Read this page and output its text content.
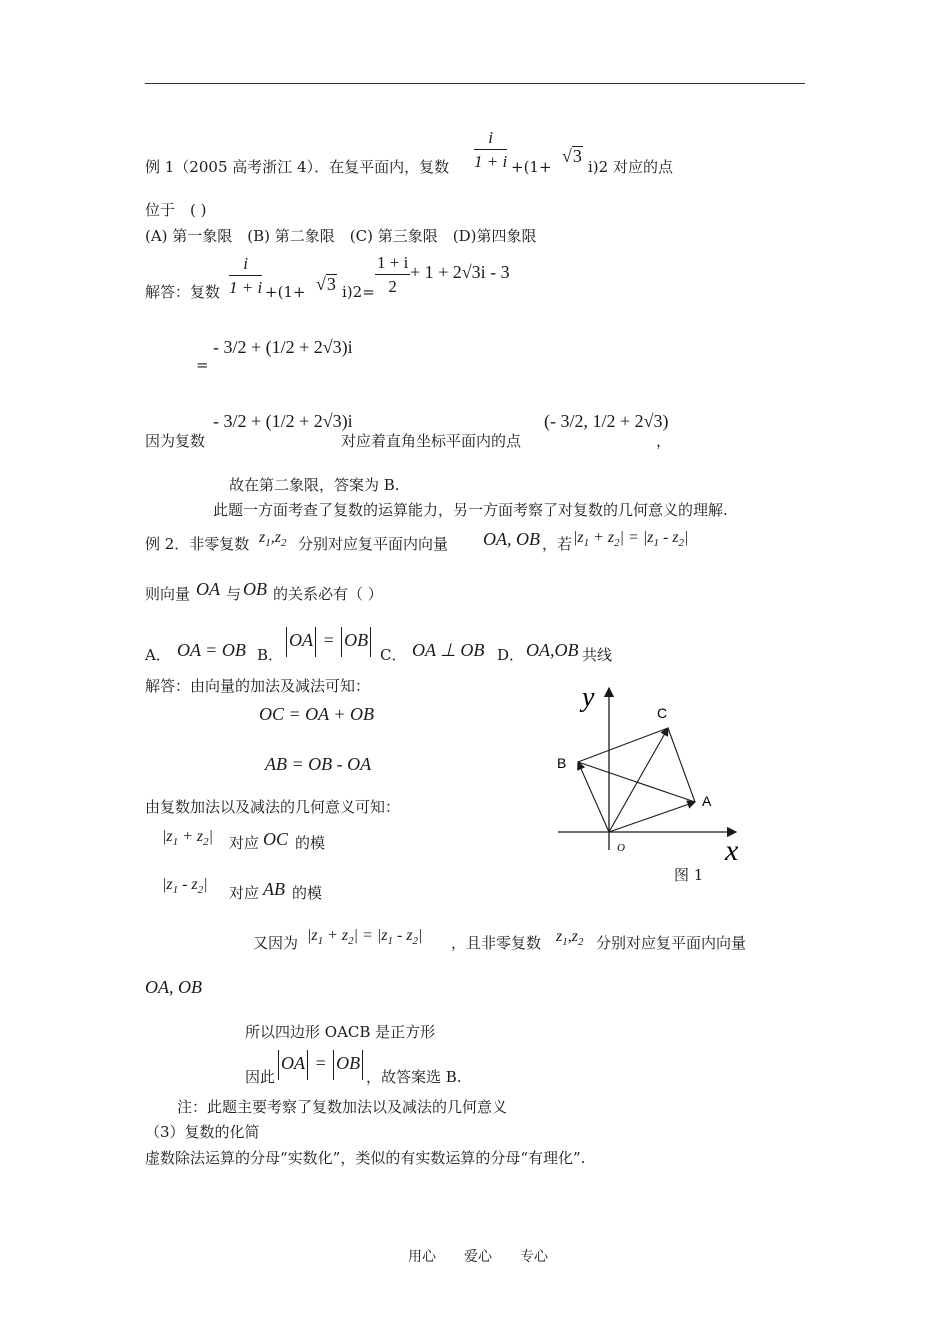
$\frac{i}{1 + i}$
例 1（2005 高考浙江 4）．在复平面内，复数	+(1+
√3
i)2 对应的点
位于　( )
(A) 第一象限　(B) 第二象限　(C) 第三象限　(D)第四象限
解答：复数 $\frac{i}{1 + i} +(1+ √3$ $i)2= \frac{1 + i}{2} + 1 + 2√3i - 3$
=
- 3/2 + (1/2 + 2√3)i
因为复数
- 3/2 + (1/2 + 2√3)i
对应着直角坐标平面内的点
(- 3/2, 1/2 + 2√3)
，
故在第二象限，答案为 B.
此题一方面考查了复数的运算能力，另一方面考察了对复数的几何意义的理解.
例 2．非零复数 $z_1,z_2$ 分别对应复平面内向量 OA, OB ，若 $|z_1 + z_2| = |z_1 - z_2|$
则向量 OA 与 OB 的关系必有（ ）
A． OA = OB B．
OA = OB
C． OA ⊥ OB D． OA,OB 共线
解答：由向量的加法及减法可知：
OC = OA + OB
AB = OB - OA
由复数加法以及减法的几何意义可知：
$|z_1 + z_2|$ 对应 OC 的模
$|z_1 - z_2|$ 对应 AB 的模
又因为 $|z_1 + z_2| = |z_1 - z_2|$ ，且非零复数 $z_1,z_2$ 分别对应复平面内向量
OA, OB
所以四边形 OACB 是正方形
因此
OA = OB
，故答案选 B.
注：此题主要考察了复数加法以及减法的几何意义
（3）复数的化简
虚数除法运算的分母“实数化”，类似的有实数运算的分母“有理化”.
y
x
O
A
B
C
图 1
用心　　爱心　　专心
